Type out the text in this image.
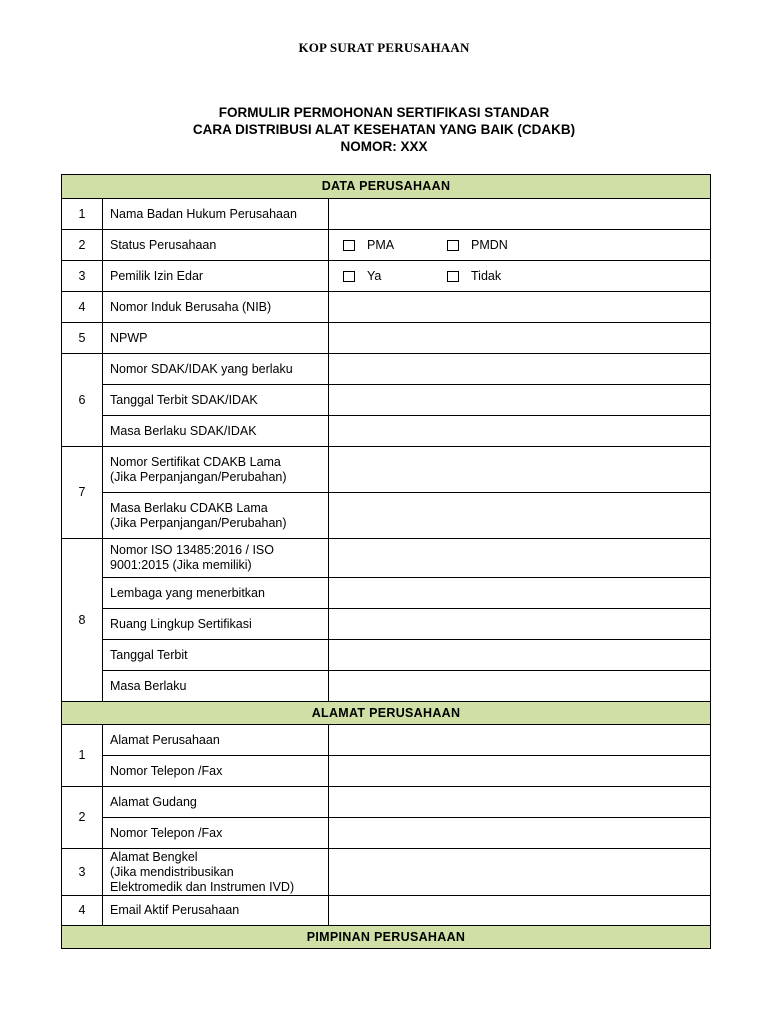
KOP SURAT PERUSAHAAN
FORMULIR PERMOHONAN SERTIFIKASI STANDAR
CARA DISTRIBUSI ALAT KESEHATAN YANG BAIK (CDAKB)
NOMOR: XXX
DATA PERUSAHAAN		
1	Nama Badan Hukum Perusahaan	
2	Status Perusahaan	PMA PMDN

3	Pemilik Izin Edar	Ya Tidak

4	Nomor Induk Berusaha (NIB)	
5	NPWP	
6	Nomor SDAK/IDAK yang berlaku	
	Tanggal Terbit SDAK/IDAK	
	Masa Berlaku SDAK/IDAK	
7	Nomor Sertifikat CDAKB Lama
(Jika Perpanjangan/Perubahan)	

	Masa Berlaku CDAKB Lama
(Jika Perpanjangan/Perubahan)	

8	Nomor ISO 13485:2016 / ISO
9001:2015 (Jika memiliki)	

	Lembaga yang menerbitkan	
	Ruang Lingkup Sertifikasi	
	Tanggal Terbit	
	Masa Berlaku	
ALAMAT PERUSAHAAN		
1	Alamat Perusahaan	
	Nomor Telepon /Fax	
2	Alamat Gudang	
	Nomor Telepon /Fax	
3	Alamat Bengkel
(Jika mendistribusikan
Elektromedik dan Instrumen IVD)	

4	Email Aktif Perusahaan	
PIMPINAN PERUSAHAAN		
